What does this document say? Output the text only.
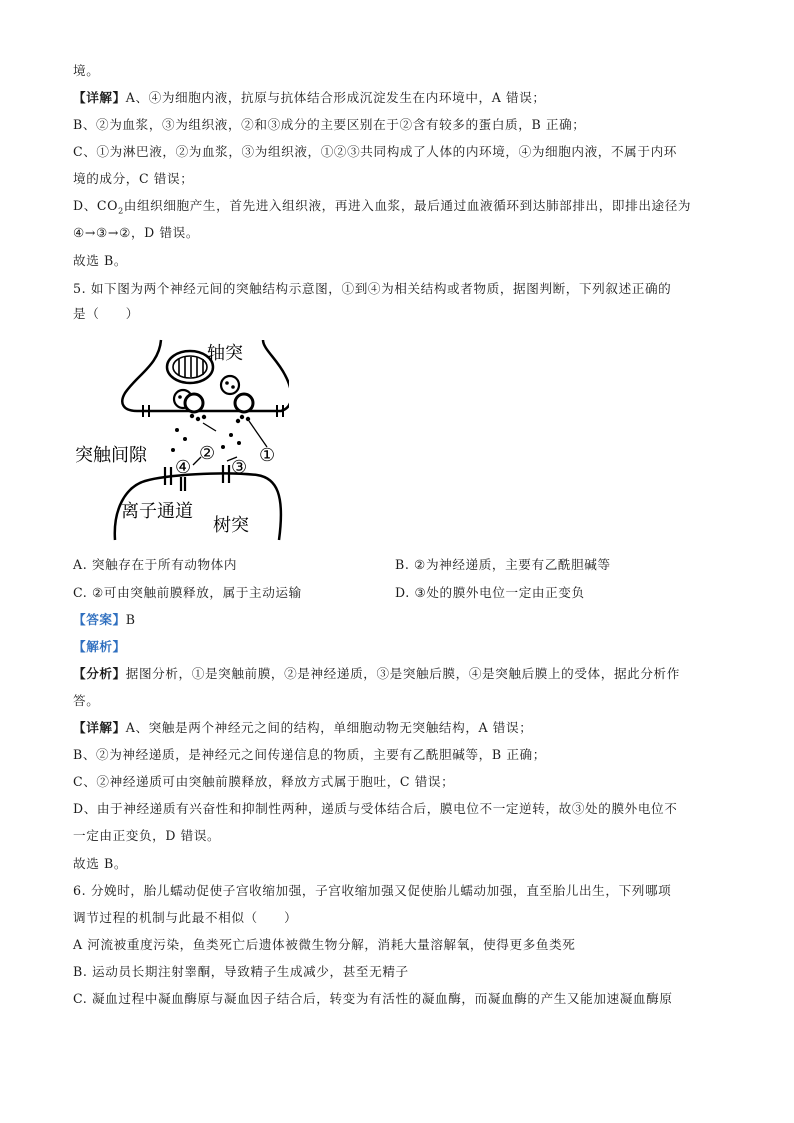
境。
【详解】A、④为细胞内液，抗原与抗体结合形成沉淀发生在内环境中，A 错误；
B、②为血浆，③为组织液，②和③成分的主要区别在于②含有较多的蛋白质，B 正确；
C、①为淋巴液，②为血浆，③为组织液，①②③共同构成了人体的内环境，④为细胞内液，不属于内环
境的成分，C 错误；
D、$CO_2$由组织细胞产生，首先进入组织液，再进入血浆，最后通过血液循环到达肺部排出，即排出途径为
④→③→②，D 错误。
故选 B。
5. 如下图为两个神经元间的突触结构示意图，①到④为相关结构或者物质，据图判断，下列叙述正确的
是（　　）
轴突
突触间隙
离子通道
树突
② ①
④ ③
A. 突触存在于所有动物体内	B. ②为神经递质，主要有乙酰胆碱等
C. ②可由突触前膜释放，属于主动运输	D. ③处的膜外电位一定由正变负
【答案】B
【解析】
【分析】据图分析，①是突触前膜，②是神经递质，③是突触后膜，④是突触后膜上的受体，据此分析作
答。
【详解】A、突触是两个神经元之间的结构，单细胞动物无突触结构，A 错误；
B、②为神经递质，是神经元之间传递信息的物质，主要有乙酰胆碱等，B 正确；
C、②神经递质可由突触前膜释放，释放方式属于胞吐，C 错误；
D、由于神经递质有兴奋性和抑制性两种，递质与受体结合后，膜电位不一定逆转，故③处的膜外电位不
一定由正变负，D 错误。
故选 B。
6. 分娩时，胎儿蠕动促使子宫收缩加强，子宫收缩加强又促使胎儿蠕动加强，直至胎儿出生，下列哪项
调节过程的机制与此最不相似（　　）
A 河流被重度污染，鱼类死亡后遗体被微生物分解，消耗大量溶解氧，使得更多鱼类死
B. 运动员长期注射睾酮，导致精子生成减少，甚至无精子
C. 凝血过程中凝血酶原与凝血因子结合后，转变为有活性的凝血酶，而凝血酶的产生又能加速凝血酶原
